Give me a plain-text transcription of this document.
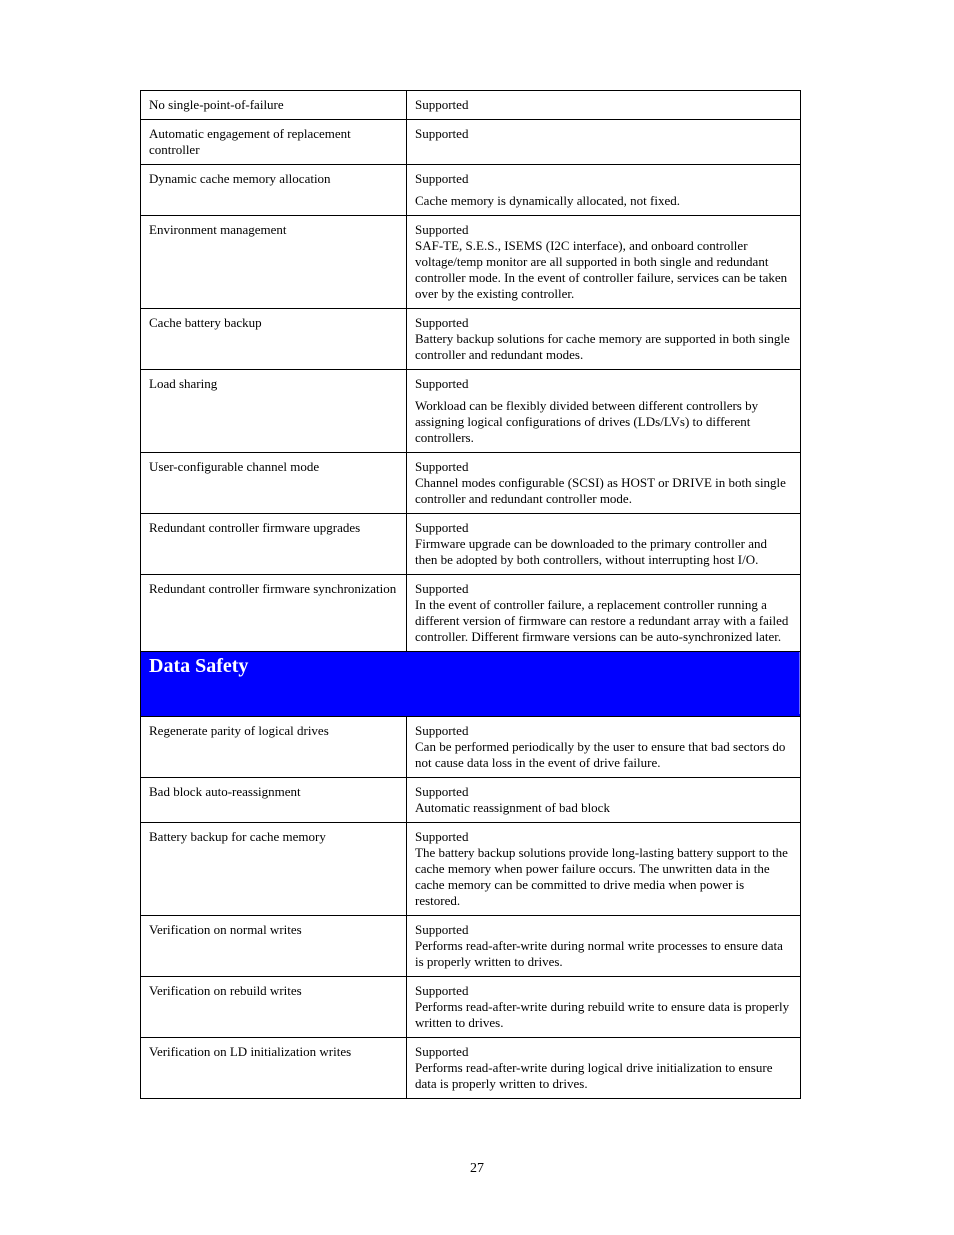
No single-point-of-failure	Supported

Automatic engagement of replacement controller	Supported

Dynamic cache memory allocation	Supported
Cache memory is dynamically allocated, not fixed.

Environment management	Supported
SAF-TE, S.E.S., ISEMS (I2C interface), and onboard controller voltage/temp monitor are all supported in both single and redundant controller mode. In the event of controller failure, services can be taken over by the existing controller.

Cache battery backup	Supported
Battery backup solutions for cache memory are supported in both single controller and redundant modes.

Load sharing	Supported
Workload can be flexibly divided between different controllers by assigning logical configurations of drives (LDs/LVs) to different controllers.

User-configurable channel mode	Supported
Channel modes configurable (SCSI) as HOST or DRIVE in both single controller and redundant controller mode.

Redundant controller firmware upgrades	Supported
Firmware upgrade can be downloaded to the primary controller and then be adopted by both controllers, without interrupting host I/O.

Redundant controller firmware synchronization	Supported
In the event of controller failure, a replacement controller running a different version of firmware can restore a redundant array with a failed controller. Different firmware versions can be auto-synchronized later.

Data Safety	

Regenerate parity of logical drives	Supported
Can be performed periodically by the user to ensure that bad sectors do not cause data loss in the event of drive failure.

Bad block auto-reassignment	Supported
Automatic reassignment of bad block

Battery backup for cache memory	Supported
The battery backup solutions provide long-lasting battery support to the cache memory when power failure occurs. The unwritten data in the cache memory can be committed to drive media when power is restored.

Verification on normal writes	Supported
Performs read-after-write during normal write processes to ensure data is properly written to drives.

Verification on rebuild writes	Supported
Performs read-after-write during rebuild write to ensure data is properly written to drives.

Verification on LD initialization writes	Supported
Performs read-after-write during logical drive initialization to ensure data is properly written to drives.
27
